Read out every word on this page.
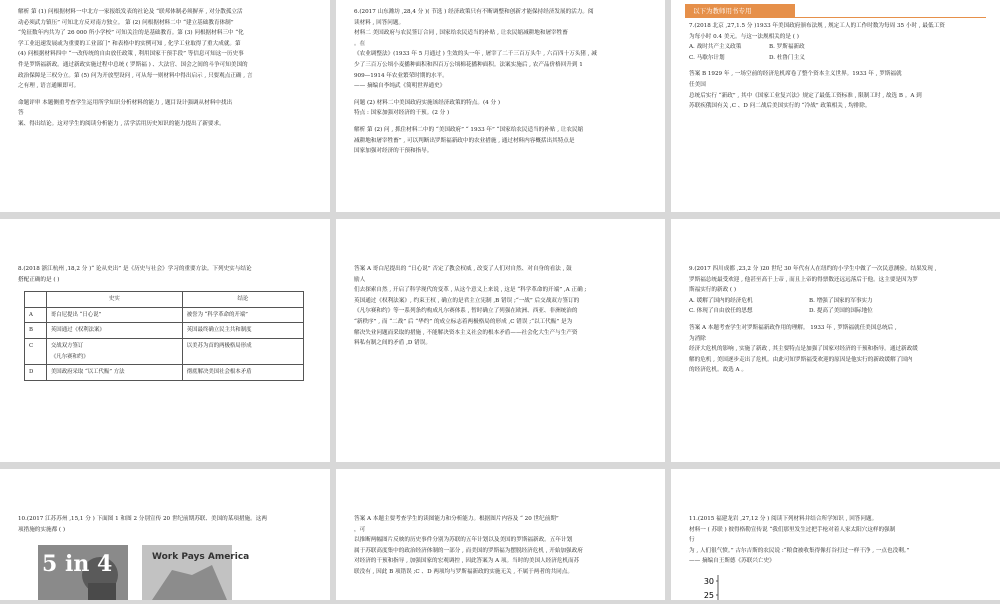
解析 第 (1) 问根据材料一中北方一家报纸发表的社论及 “联邦体制必须摒弃 , 对分散孤立活
动必须武力镇压” 可知北方反对南方独立。 第 (2) 问根据材料二中 “建立基础教育体制”
“免征数年内共为了 26 000 所小学校” 可知关注的是基础教育。第 (3) 问根据材料三中 “化
学工业迅速发展或为重要的工业部门” 和表格中的实例可知 , 化学工业取得了重大成就。第
(4) 问根据材料四中 “一改传统的自由放任政策 , 利用国家干预手段” 等信息可知这一历史事
件是罗斯福新政。通过新政实施过程中总统 ( 罗斯福 ) 、大法官、国会之间的斗争可知美国的
政治保障是三权分立。第 (5) 问为开放型设问 , 可从每一则材料中得出启示 , 只要观点正确 , 言
之有理 , 语言通顺即可。
命题评审 本题侧重考查学生运用所学知识分析材料的能力 , 题目设计强调从材料中找出
答
案、得出结论。这对学生的阅读分析能力 , 活学活用历史知识的能力提出了新要求。
6.(2017 山东潍坊 ,28,4 分 )( 节选 ) 经济政策只有不断调整和创新才能保持经济发展的活力。阅
读材料 , 回答问题。
材料二 美国政府与农民签订合同 , 国家给农民适当的补贴 , 让农民缩减耕地和屠宰牲畜
。在
《农业调整法》(1933 年 5 月通过 ) 生效的头一年 , 屠宰了二千三百万头牛 , 六百四十万头猪 , 减
少了三百万公顷小麦播种面积和四百万公顷棉花播种面积。法案实施后 , 农产品价格回升到 1
909—1914 年农业繁荣时期的水平。
—— 摘编自李纯武《简明世界通史》
问题 (2) 材料二中美国政府实施该经济政策的特点。(4 分 )
特点 : 国家加强对经济的干预。(2 分 )
解析 第 (2) 问 , 抓住材料二中的 “美国政府” “ 1933 年” “国家给农民适当的补贴 , 让农民缩
减耕地和屠宰牲畜” , 可以判断出罗斯福新政中的农业措施 , 通过材料内容概括出其特点是
国家加强对经济的干预和指导。
以下为教师用书专用
7.(2018 北京 ,27,1.5 分 )1933 年美国政府颁布法规 , 规定工人的工作时数为每周 35 小时 , 最低工资
为每小时 0.4 美元。与这一法规相关的是 ( )
A. 战时共产主义政策	B. 罗斯福新政
C. 马歇尔计划	D. 杜鲁门主义
答案 B 1929 年 , 一场空前的经济危机席卷了整个资本主义世界。1933 年 , 罗斯福就
任美国
总统后实行 “新政” , 其中《国家工业复兴法》规定了最低工资标准 , 限制工时 , 故选 B 。A 到
苏联疾俄国有关 ,C 、D 问二战后美国实行的 “冷战” 政策相关 , 均排除。
8.(2018 浙江杭州 ,18,2 分 )“ 论从史出” 是《历史与社会》学习的重要方法。下列史实与结论
搭配正确的是 ( )
	史实	结论
A	哥白尼提出 “日心说”	被誉为 “科学革命的开端”
B	英国通过《权利法案》	英国最终确立民主共和制度
C	交战双方签订
《凡尔赛和约》	以美苏为首的两极格局形成
D	美国政府采取 “以工代赈” 方法	彻底解决美国社会根本矛盾
答案 A 哥白尼提出的 “日心说” 否定了教会权威 , 改变了人们对自然、对自身的看法 , 鼓
励人
们去探索自然 , 开启了科学现代的变革 , 从这个意义上来说 , 这是 “科学革命的开端” ,A 正确 ;
英国通过《权利法案》, 约束王权 , 确立的是君主立宪制 ,B 错误 ;“一战” 后交战双方签订的
《凡尔赛和约》等一系列条约构成凡尔赛体系 , 暂时确立了列强在欧洲、西亚、非洲统治的
“新秩序” , 而 “二战” 后 “华约” 的成立标志着两极格局的形成 ,C 错误 ;“以工代赈” 是为
解决失业问题而采取的措施 , 不能解决资本主义社会的根本矛盾——社会化大生产与生产资
料私有制之间的矛盾 ,D 错误。
9.(2017 四川成都 ,23,2 分 )20 世纪 30 年代有人在纽约的小学生中做了一次民意测验。结果发现 ,
罗斯福总统最受欢迎 , 他甚至高于上帝 , 而且上帝的得票数还远远落后于他。这主要是因为罗
斯福实行的新政 ( )
A. 缓解了国内的经济危机	B. 增强了国家的军事实力
C. 体现了自由放任的思想	D. 提高了美国的国际地位
答案 A 本题考查学生对罗斯福新政作用的理解。 1933 年 , 罗斯福就任美国总统后 ,
为消除
经济大危机的影响 , 实施了新政 , 其主要特点是加强了国家对经济的干预和指导。通过新政缓
解的危机 , 美国逐步走出了危机。由此可知罗斯福受欢迎的原因是他实行的新政缓解了国内
的经济危机。故选 A 。
10.(2017 江苏苏州 ,15,1 分 ) 下面图 1 和图 2 分别宣传 20 世纪前期苏联、美国的某项措施。这两
项措施的实施都 ( )
5 in 4	Work Pays America
答案 A 本题主要考查学生的读图能力和分析能力。根据图片内容及 “ 20 世纪前期”
，可
以推断两幅图片反映的历史事件分别为苏联的五年计划以及美国的罗斯福新政。五年计划
属于苏联高度集中的政治经济体制的一部分 , 而美国的罗斯福为摆脱经济危机 , 开始加强政府
对经济的干预和指导 , 加强国家的宏观调控 , 因此答案为 A 项。当时的美国人经济危机而苏
联没有 , 因此 B 项错误 ;C 、D 两项均与罗斯福新政的实施无关 , 不属于两者的共同点。
11.(2015 福建龙岩 ,27,12 分 ) 阅读下列材料并结合所学知识 , 回答问题。
材料一 ( 苏联 ) 彼得格勒宣传说 “我们那里发生过把手枪对着人家太阳穴这样的强制
行
为 , 人们很气愤。” 古尔吉斯的农民说 :“粮食被收集得像打谷打过一样干净 , 一点也没剩。”
—— 摘编自王斯德《苏联兴亡史》
30
25
